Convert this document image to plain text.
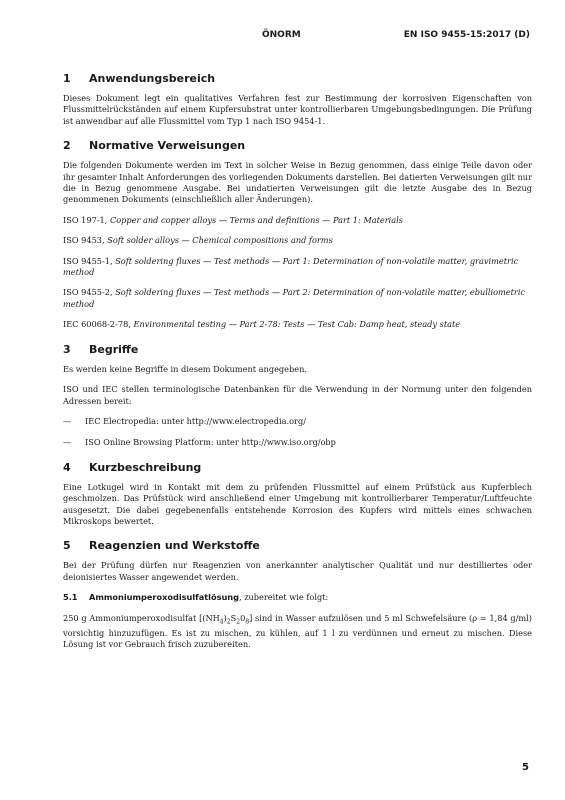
ÖNORM	EN ISO 9455-15:2017 (D)
1	Anwendungsbereich

Dieses Dokument legt ein qualitatives Verfahren fest zur Bestimmung der korrosiven Eigenschaften von Flussmittelrückständen auf einem Kupfersubstrat unter kontrollierbaren Umgebungsbedingungen. Die Prüfung ist anwendbar auf alle Flussmittel vom Typ 1 nach ISO 9454-1.

2	Normative Verweisungen

Die folgenden Dokumente werden im Text in solcher Weise in Bezug genommen, dass einige Teile davon oder ihr gesamter Inhalt Anforderungen des vorliegenden Dokuments darstellen. Bei datierten Verweisungen gilt nur die in Bezug genommene Ausgabe. Bei undatierten Verweisungen gilt die letzte Ausgabe des in Bezug genommenen Dokuments (einschließlich aller Änderungen).

ISO 197-1, Copper and copper alloys — Terms and definitions — Part 1: Materials
ISO 9453, Soft solder alloys — Chemical compositions and forms
ISO 9455-1, Soft soldering fluxes — Test methods — Part 1: Determination of non-volatile matter, gravimetric method
ISO 9455-2, Soft soldering fluxes — Test methods — Part 2: Determination of non-volatile matter, ebulliometric method
IEC 60068-2-78, Environmental testing — Part 2-78: Tests — Test Cab: Damp heat, steady state
3	Begriffe

Es werden keine Begriffe in diesem Dokument angegeben.

ISO und IEC stellen terminologische Datenbanken für die Verwendung in der Normung unter den folgenden Adressen bereit:

—	IEC Electropedia: unter http://www.electropedia.org/
—	ISO Online Browsing Platform: unter http://www.iso.org/obp
4	Kurzbeschreibung

Eine Lotkugel wird in Kontakt mit dem zu prüfenden Flussmittel auf einem Prüfstück aus Kupferblech geschmolzen. Das Prüfstück wird anschließend einer Umgebung mit kontrollierbarer Temperatur/Luftfeuchte ausgesetzt. Die dabei gegebenenfalls entstehende Korrosion des Kupfers wird mittels eines schwachen Mikroskops bewertet.

5	Reagenzien und Werkstoffe

Bei der Prüfung dürfen nur Reagenzien von anerkannter analytischer Qualität und nur destilliertes oder deionisiertes Wasser angewendet werden.

5.1 Ammoniumperoxodisulfatlösung, zubereitet wie folgt:

250 g Ammoniumperoxodisulfat $[(NH_4)_2S_20_8]$ sind in Wasser aufzulösen und 5 ml Schwefelsäure (ρ = 1,84 g/ml) vorsichtig hinzuzufügen. Es ist zu mischen, zu kühlen, auf 1 l zu verdünnen und erneut zu mischen. Diese Lösung ist vor Gebrauch frisch zuzubereiten.

5
